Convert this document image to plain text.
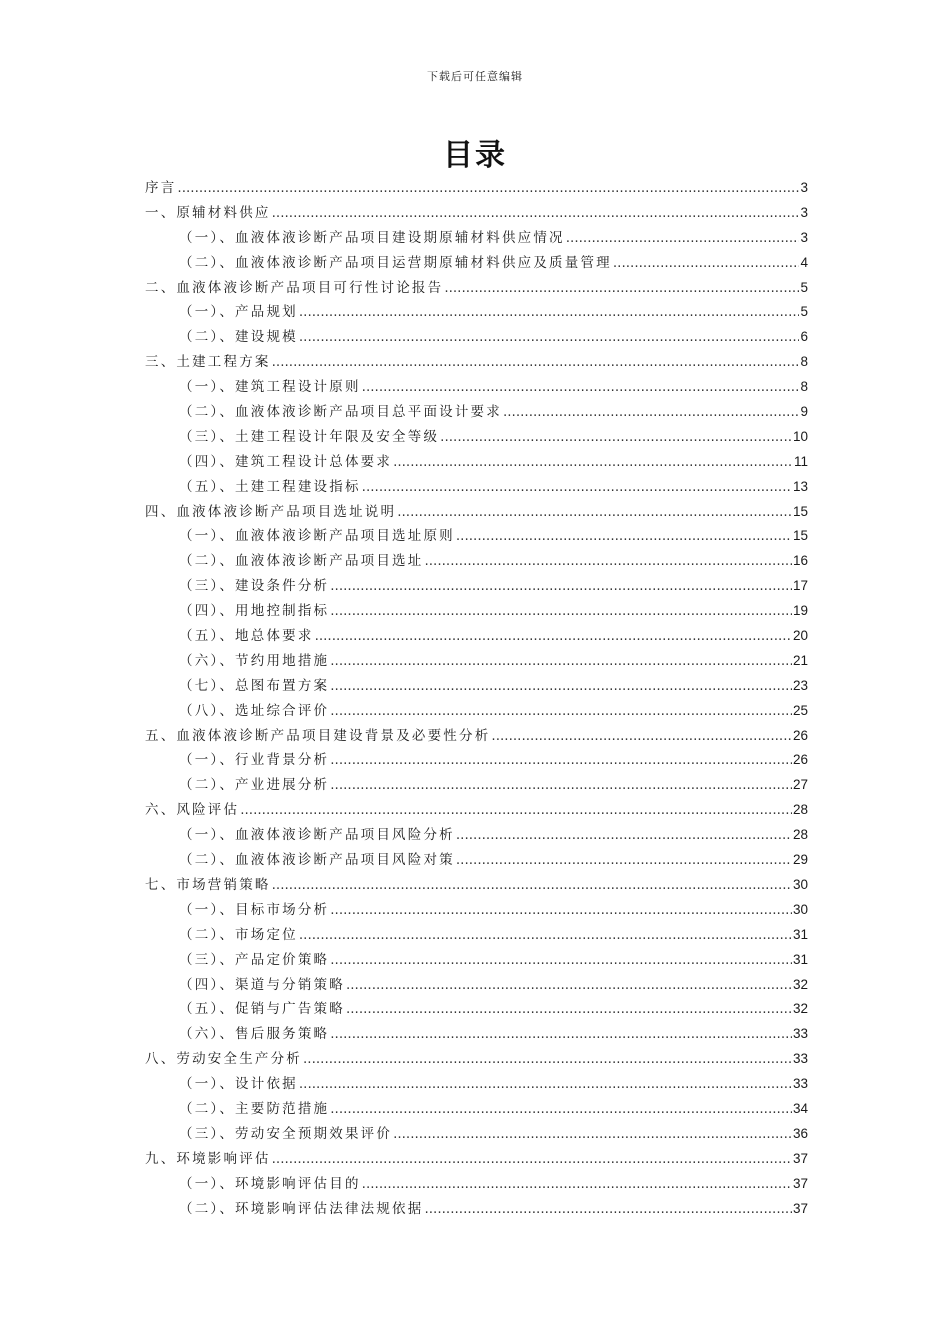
下载后可任意编辑
目录
序言 .....	3
一、原辅材料供应 .....	3
（一）、血液体液诊断产品项目建设期原辅材料供应情况 .....	3
（二）、血液体液诊断产品项目运营期原辅材料供应及质量管理 .....	4
二、血液体液诊断产品项目可行性讨论报告 .....	5
（一）、产品规划 .....	5
（二）、建设规模 .....	6
三、土建工程方案 .....	8
（一）、建筑工程设计原则 .....	8
（二）、血液体液诊断产品项目总平面设计要求 .....	9
（三）、土建工程设计年限及安全等级 .....	10
（四）、建筑工程设计总体要求 .....	11
（五）、土建工程建设指标 .....	13
四、血液体液诊断产品项目选址说明 .....	15
（一）、血液体液诊断产品项目选址原则 .....	15
（二）、血液体液诊断产品项目选址 .....	16
（三）、建设条件分析 .....	17
（四）、用地控制指标 .....	19
（五）、地总体要求 .....	20
（六）、节约用地措施 .....	21
（七）、总图布置方案 .....	23
（八）、选址综合评价 .....	25
五、血液体液诊断产品项目建设背景及必要性分析 .....	26
（一）、行业背景分析 .....	26
（二）、产业进展分析 .....	27
六、风险评估 .....	28
（一）、血液体液诊断产品项目风险分析 .....	28
（二）、血液体液诊断产品项目风险对策 .....	29
七、市场营销策略 .....	30
（一）、目标市场分析 .....	30
（二）、市场定位 .....	31
（三）、产品定价策略 .....	31
（四）、渠道与分销策略 .....	32
（五）、促销与广告策略 .....	32
（六）、售后服务策略 .....	33
八、劳动安全生产分析 .....	33
（一）、设计依据 .....	33
（二）、主要防范措施 .....	34
（三）、劳动安全预期效果评价 .....	36
九、环境影响评估 .....	37
（一）、环境影响评估目的 .....	37
（二）、环境影响评估法律法规依据 .....	37
